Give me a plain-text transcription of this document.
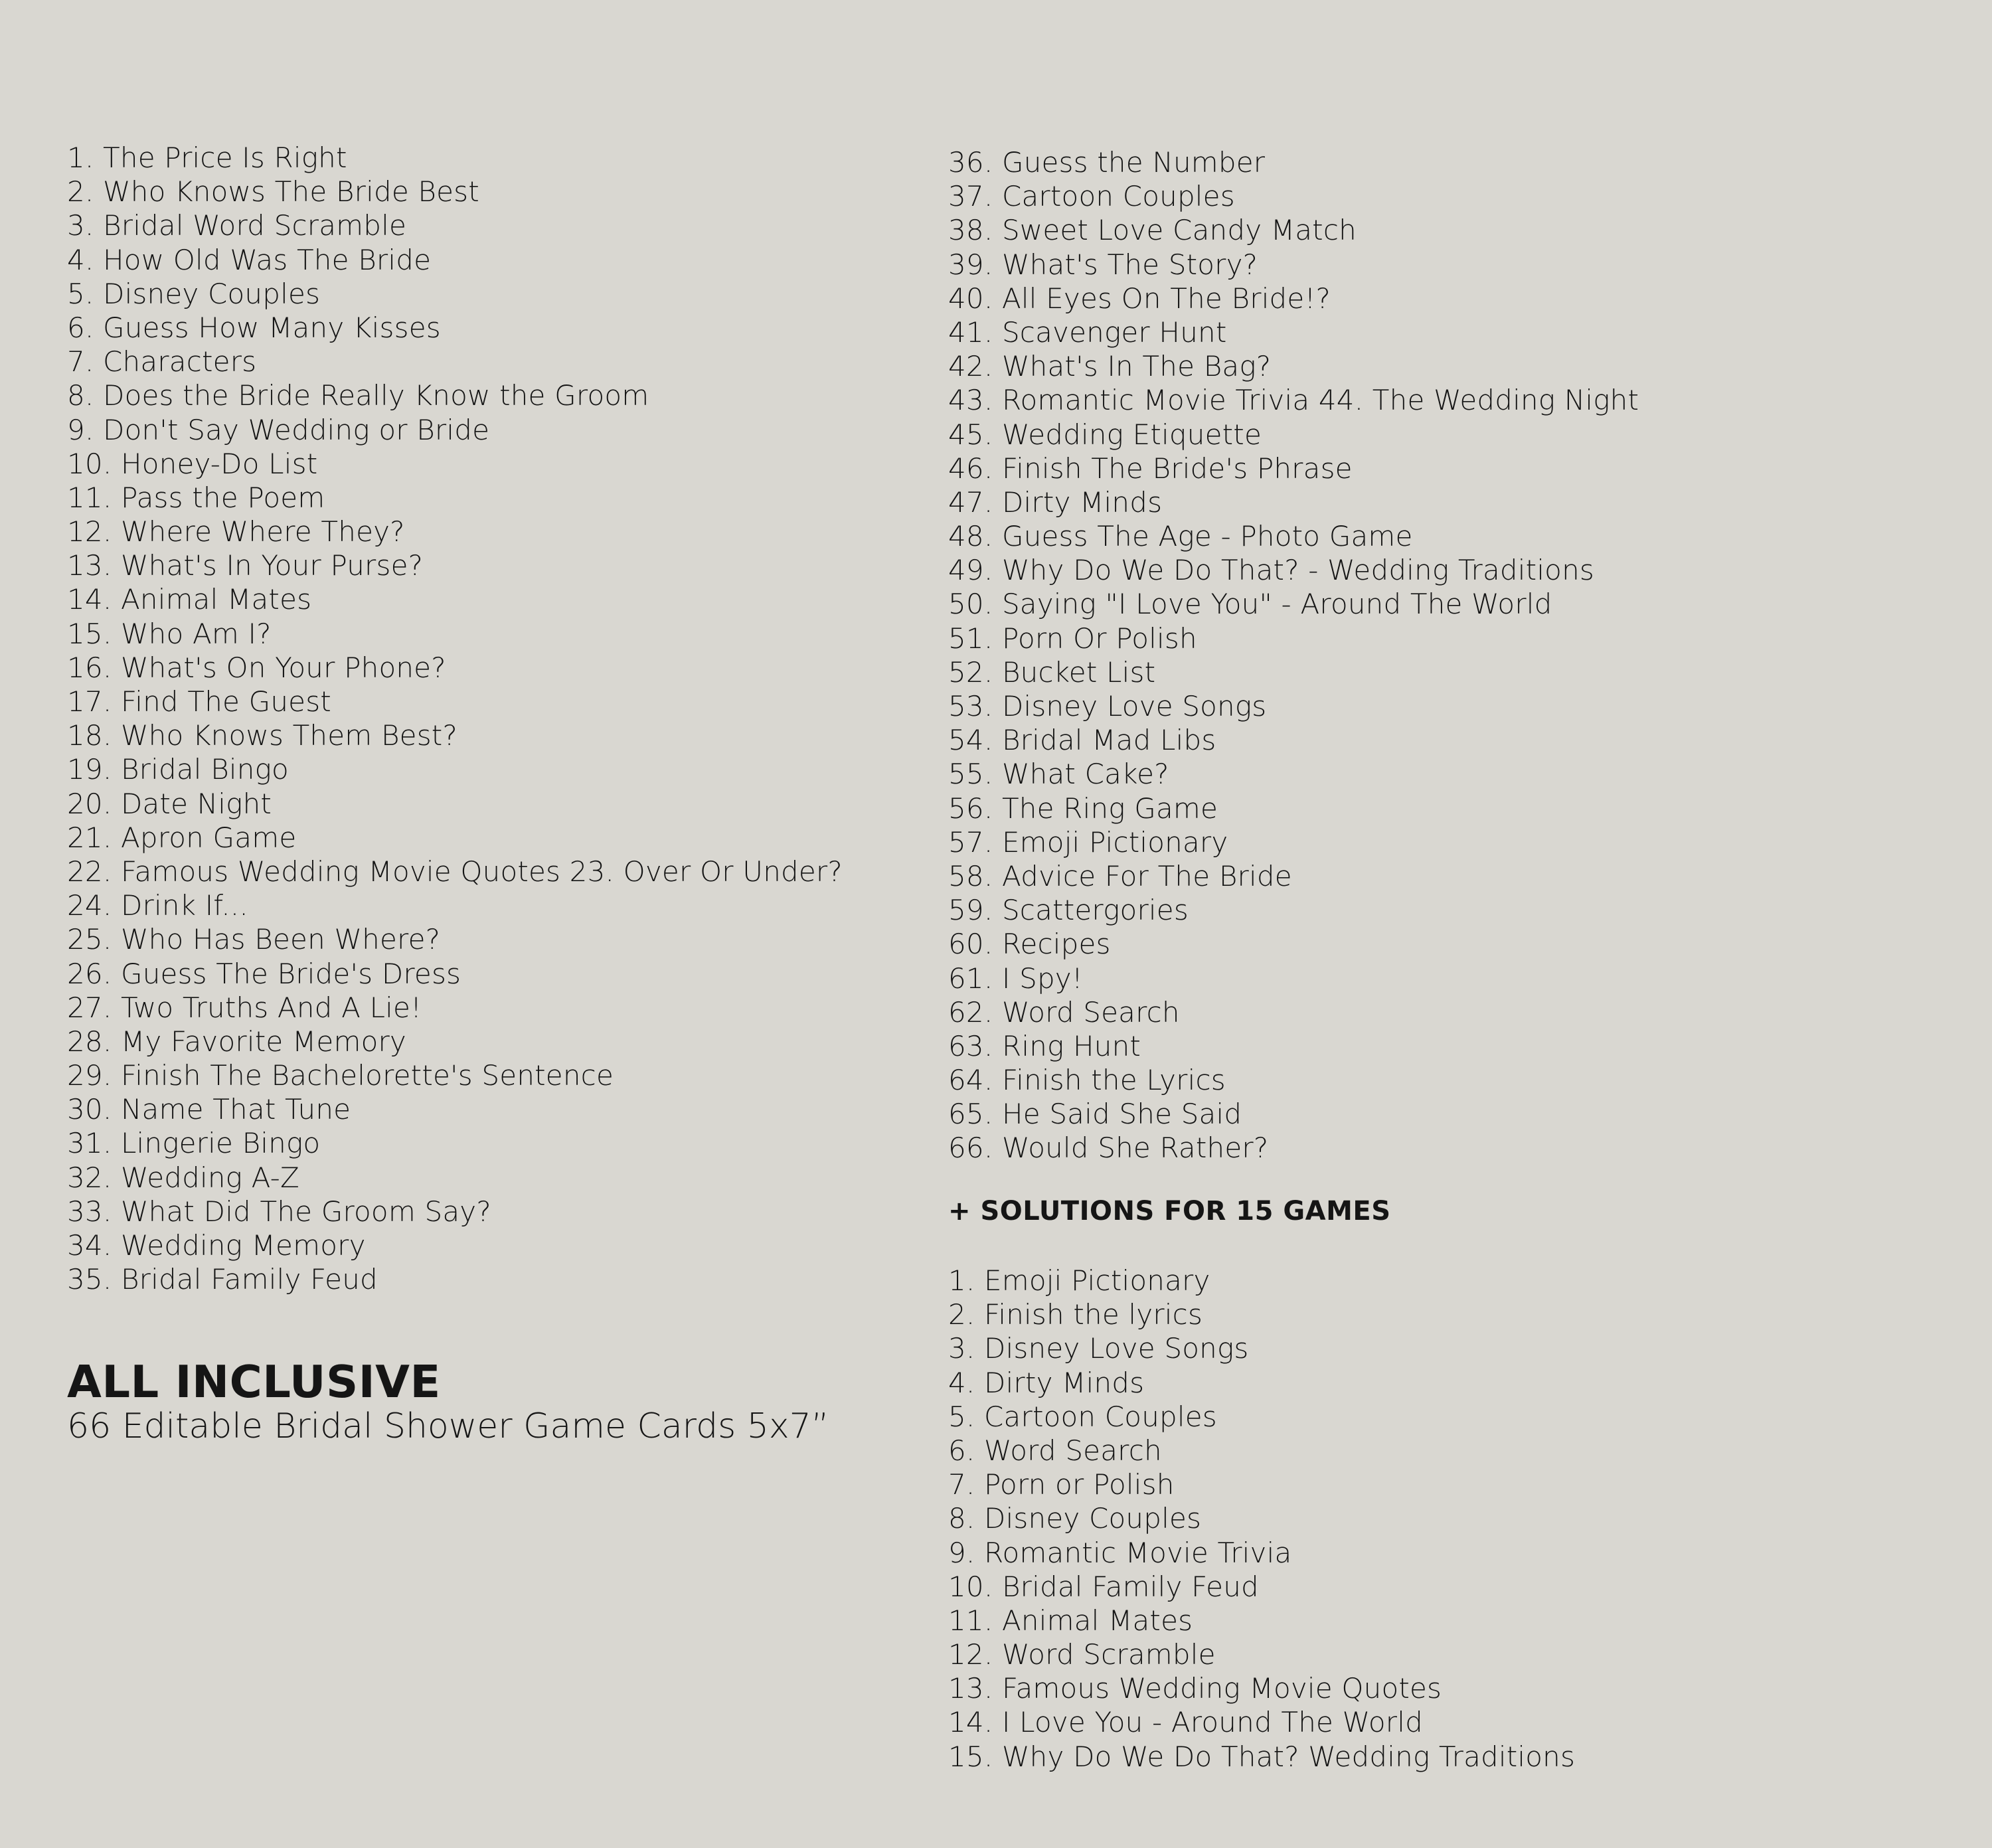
1. The Price Is Right
2. Who Knows The Bride Best
3. Bridal Word Scramble
4. How Old Was The Bride
5. Disney Couples
6. Guess How Many Kisses
7. Characters
8. Does the Bride Really Know the Groom
9. Don't Say Wedding or Bride
10. Honey-Do List
11. Pass the Poem
12. Where Where They?
13. What's In Your Purse?
14. Animal Mates
15. Who Am I?
16. What's On Your Phone?
17. Find The Guest
18. Who Knows Them Best?
19. Bridal Bingo
20. Date Night
21. Apron Game
22. Famous Wedding Movie Quotes 23. Over Or Under?
24. Drink If...
25. Who Has Been Where?
26. Guess The Bride's Dress
27. Two Truths And A Lie!
28. My Favorite Memory
29. Finish The Bachelorette's Sentence
30. Name That Tune
31. Lingerie Bingo
32. Wedding A-Z
33. What Did The Groom Say?
34. Wedding Memory
35. Bridal Family Feud
36. Guess the Number
37. Cartoon Couples
38. Sweet Love Candy Match
39. What's The Story?
40. All Eyes On The Bride!?
41. Scavenger Hunt
42. What's In The Bag?
43. Romantic Movie Trivia 44. The Wedding Night
45. Wedding Etiquette
46. Finish The Bride's Phrase
47. Dirty Minds
48. Guess The Age - Photo Game
49. Why Do We Do That? - Wedding Traditions
50. Saying "I Love You" - Around The World
51. Porn Or Polish
52. Bucket List
53. Disney Love Songs
54. Bridal Mad Libs
55. What Cake?
56. The Ring Game
57. Emoji Pictionary
58. Advice For The Bride
59. Scattergories
60. Recipes
61. I Spy!
62. Word Search
63. Ring Hunt
64. Finish the Lyrics
65. He Said She Said
66. Would She Rather?
+ SOLUTIONS FOR 15 GAMES
1. Emoji Pictionary
2. Finish the lyrics
3. Disney Love Songs
4. Dirty Minds
5. Cartoon Couples
6. Word Search
7. Porn or Polish
8. Disney Couples
9. Romantic Movie Trivia
10. Bridal Family Feud
11. Animal Mates
12. Word Scramble
13. Famous Wedding Movie Quotes
14. I Love You - Around The World
15. Why Do We Do That? Wedding Traditions
ALL INCLUSIVE
66 Editable Bridal Shower Game Cards 5x7”
